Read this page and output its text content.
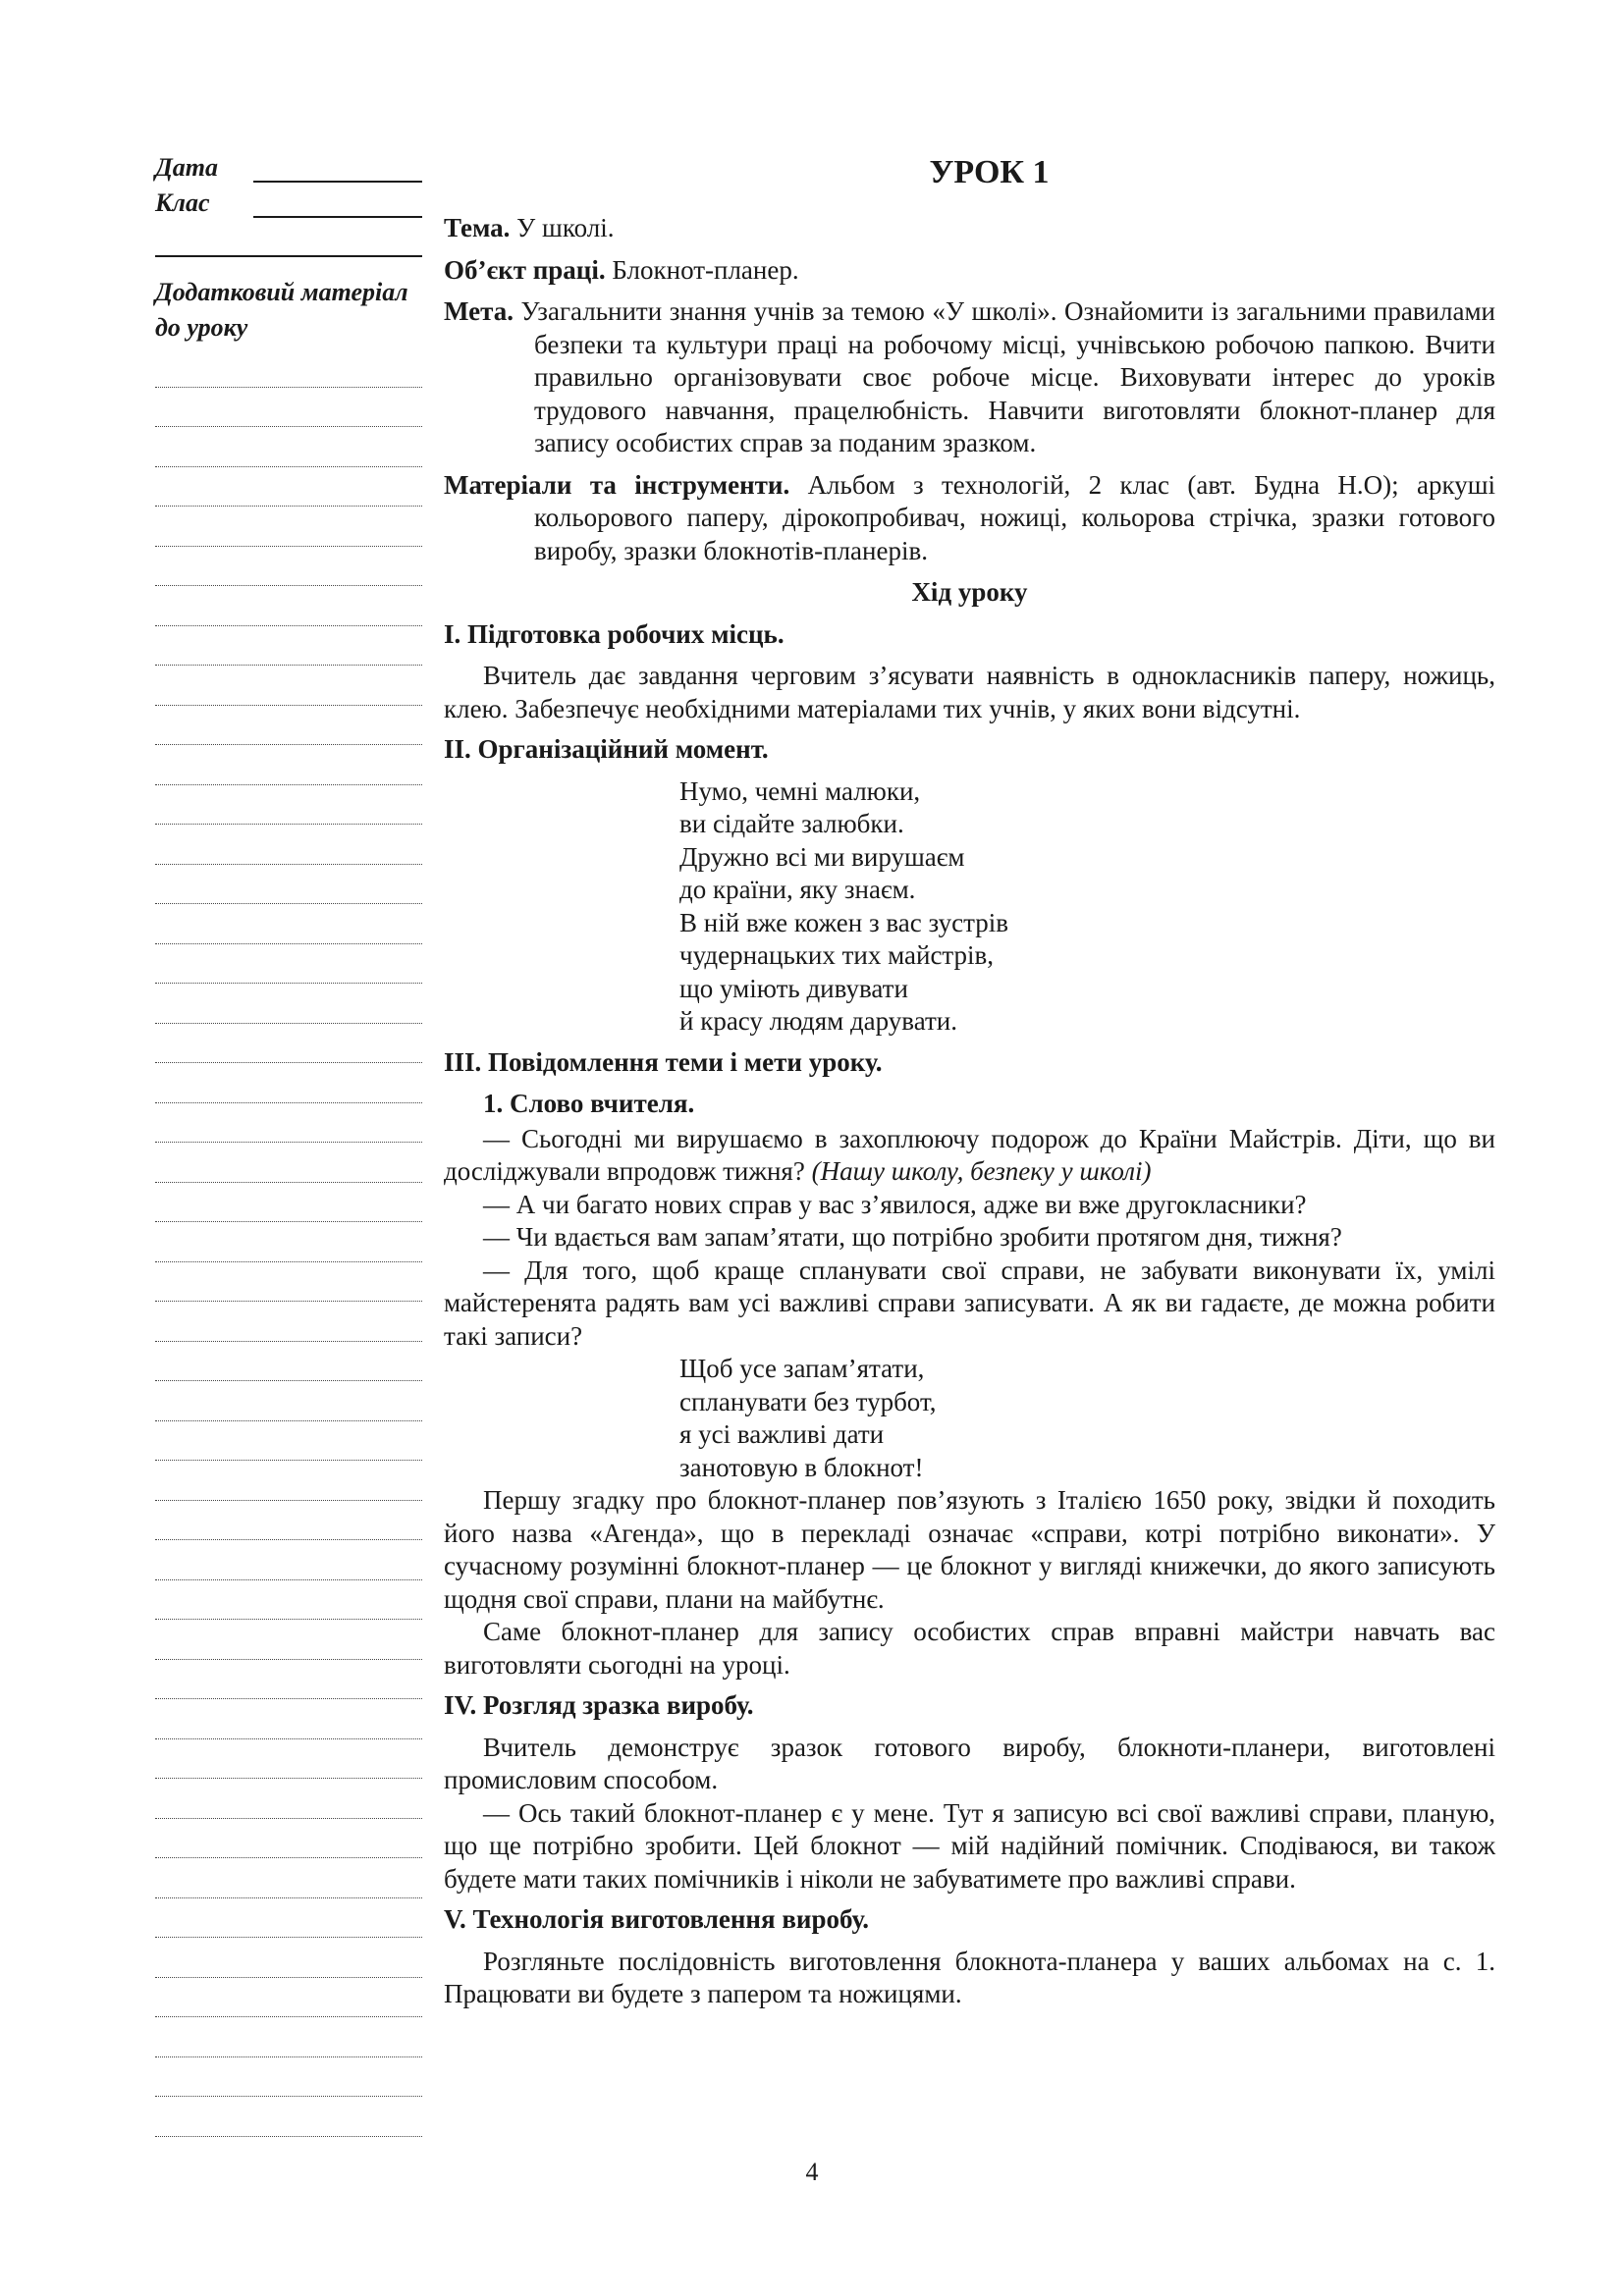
Дата
Клас
Додатковий матеріал до уроку
УРОК 1

Тема. У школі.

Об’єкт праці. Блокнот-планер.

Мета. Узагальнити знання учнів за темою «У школі». Ознайомити із загальними правилами безпеки та культури праці на робочому місці, учнівською робочою папкою. Вчити правильно організовувати своє робоче місце. Виховувати інтерес до уроків трудового навчання, працелюбність. Навчити виготовляти блокнот-планер для запису особистих справ за поданим зразком.

Матеріали та інструменти. Альбом з технологій, 2 клас (авт. Будна Н.О); аркуші кольорового паперу, дірокопробивач, ножиці, кольорова стрічка, зразки готового виробу, зразки блокнотів-планерів.

Хід уроку
I. Підготовка робочих місць.

Вчитель дає завдання черговим з’ясувати наявність в однокласників паперу, ножиць, клею. Забезпечує необхідними матеріалами тих учнів, у яких вони відсутні.

II. Організаційний момент.
Нумо, чемні малюки,
ви сідайте залюбки.
Дружно всі ми вирушаєм
до країни, яку знаєм.
В ній вже кожен з вас зустрів
чудернацьких тих майстрів,
що уміють дивувати
й красу людям дарувати.
III. Повідомлення теми і мети уроку.
1. Слово вчителя.

— Сьогодні ми вирушаємо в захоплюючу подорож до Країни Майстрів. Діти, що ви досліджували впродовж тижня? (Нашу школу, безпеку у школі)

— А чи багато нових справ у вас з’явилося, адже ви вже другокласники?

— Чи вдається вам запам’ятати, що потрібно зробити протягом дня, тижня?

— Для того, щоб краще спланувати свої справи, не забувати виконувати їх, умілі майстеренята радять вам усі важливі справи записувати. А як ви гадаєте, де можна робити такі записи?

Щоб усе запам’ятати,
спланувати без турбот,
я усі важливі дати
занотовую в блокнот!

Першу згадку про блокнот-планер пов’язують з Італією 1650 року, звідки й походить його назва «Агенда», що в перекладі означає «справи, котрі потрібно виконати». У сучасному розумінні блокнот-планер — це блокнот у вигляді книжечки, до якого записують щодня свої справи, плани на майбутнє.

Саме блокнот-планер для запису особистих справ вправні майстри навчать вас виготовляти сьогодні на уроці.

IV. Розгляд зразка виробу.

Вчитель демонструє зразок готового виробу, блокноти-планери, виготовлені промисловим способом.

— Ось такий блокнот-планер є у мене. Тут я записую всі свої важливі справи, планую, що ще потрібно зробити. Цей блокнот — мій надійний помічник. Сподіваюся, ви також будете мати таких помічників і ніколи не забуватимете про важливі справи.

V. Технологія виготовлення виробу.

Розгляньте послідовність виготовлення блокнота-планера у ваших альбомах на с. 1. Працювати ви будете з папером та ножицями.

4
